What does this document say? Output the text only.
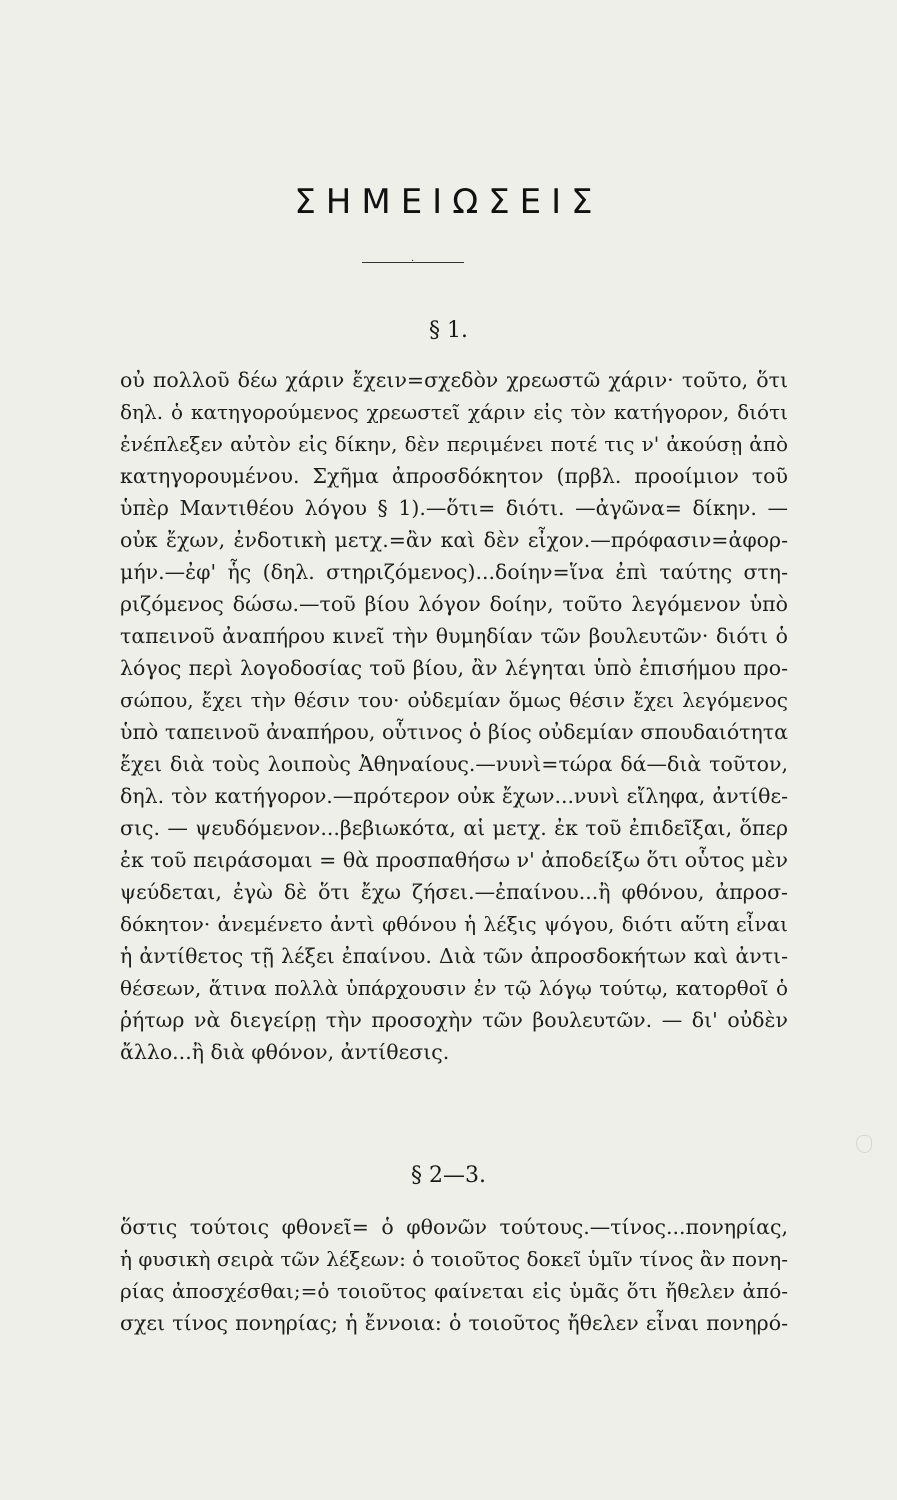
ΣΗΜΕΙΩΣΕΙΣ
·
§ 1.
οὐ πολλοῦ δέω χάριν ἔχειν=σχεδὸν χρεωστῶ χάριν· τοῦτο, ὅτι
δηλ. ὁ κατηγορούμενος χρεωστεῖ χάριν εἰς τὸν κατήγορον, διότι
ἐνέπλεξεν αὐτὸν εἰς δίκην, δὲν περιμένει ποτέ τις ν' ἀκούσῃ ἀπὸ
κατηγορουμένου. Σχῆμα ἀπροσδόκητον (πρβλ. προοίμιον τοῦ
ὑπὲρ Μαντιθέου λόγου § 1).—ὅτι= διότι. —ἀγῶνα= δίκην. —
οὐκ ἔχων, ἐνδοτικὴ μετχ.=ἂν καὶ δὲν εἶχον.—πρόφασιν=ἀφορ-
μήν.—ἐφ' ἧς (δηλ. στηριζόμενος)...δοίην=ἵνα ἐπὶ ταύτης στη-
ριζόμενος δώσω.—τοῦ βίου λόγον δοίην, τοῦτο λεγόμενον ὑπὸ
ταπεινοῦ ἀναπήρου κινεῖ τὴν θυμηδίαν τῶν βουλευτῶν· διότι ὁ
λόγος περὶ λογοδοσίας τοῦ βίου, ἂν λέγηται ὑπὸ ἐπισήμου προ-
σώπου, ἔχει τὴν θέσιν του· οὐδεμίαν ὅμως θέσιν ἔχει λεγόμενος
ὑπὸ ταπεινοῦ ἀναπήρου, οὗτινος ὁ βίος οὐδεμίαν σπουδαιότητα
ἔχει διὰ τοὺς λοιποὺς Ἀθηναίους.—νυνὶ=τώρα δά—διὰ τοῦτον,
δηλ. τὸν κατήγορον.—πρότερον οὐκ ἔχων...νυνὶ εἴληφα, ἀντίθε-
σις. — ψευδόμενον...βεβιωκότα, αἱ μετχ. ἐκ τοῦ ἐπιδεῖξαι, ὅπερ
ἐκ τοῦ πειράσομαι = θὰ προσπαθήσω ν' ἀποδείξω ὅτι οὗτος μὲν
ψεύδεται, ἐγὼ δὲ ὅτι ἔχω ζήσει.—ἐπαίνου...ἢ φθόνου, ἀπροσ-
δόκητον· ἀνεμένετο ἀντὶ φθόνου ἡ λέξις ψόγου, διότι αὕτη εἶναι
ἡ ἀντίθετος τῇ λέξει ἐπαίνου. Διὰ τῶν ἀπροσδοκήτων καὶ ἀντι-
θέσεων, ἅτινα πολλὰ ὑπάρχουσιν ἐν τῷ λόγῳ τούτῳ, κατορθοῖ ὁ
ῥήτωρ νὰ διεγείρῃ τὴν προσοχὴν τῶν βουλευτῶν. — δι' οὐδὲν
ἄλλο...ἢ διὰ φθόνον, ἀντίθεσις.
§ 2—3.
ὅστις τούτοις φθονεῖ= ὁ φθονῶν τούτους.—τίνος...πονηρίας,
ἡ φυσικὴ σειρὰ τῶν λέξεων: ὁ τοιοῦτος δοκεῖ ὑμῖν τίνος ἂν πονη-
ρίας ἀποσχέσθαι;=ὁ τοιοῦτος φαίνεται εἰς ὑμᾶς ὅτι ἤθελεν ἀπό-
σχει τίνος πονηρίας; ἡ ἔννοια: ὁ τοιοῦτος ἤθελεν εἶναι πονηρό-
